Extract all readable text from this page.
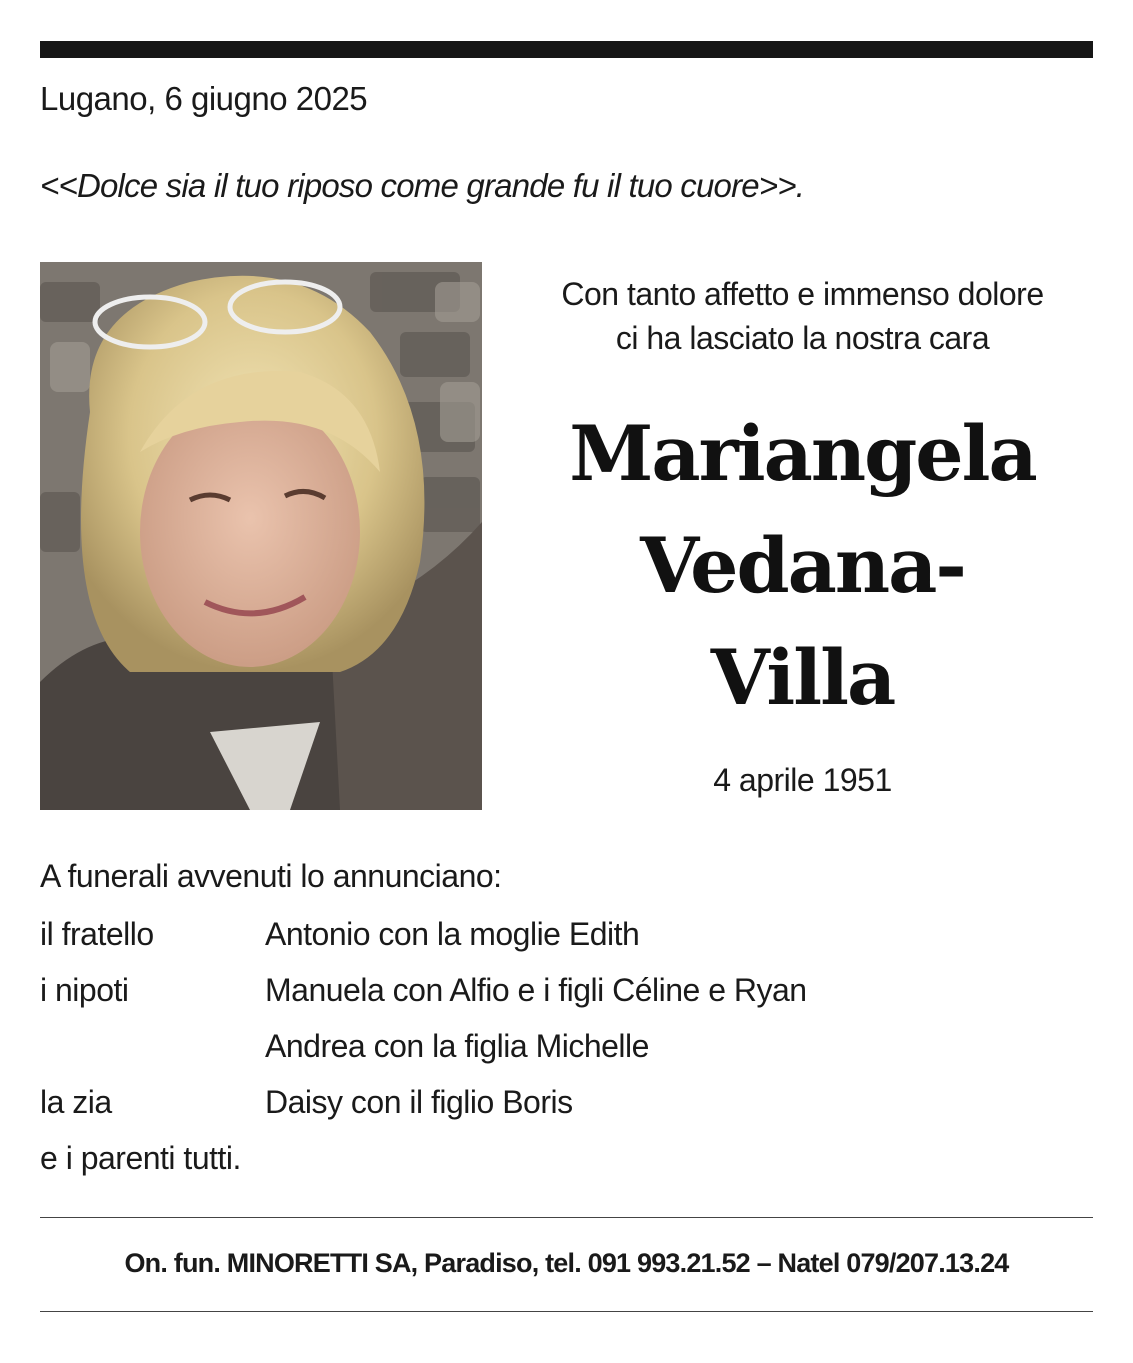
Lugano, 6 giugno 2025
<<Dolce sia il tuo riposo come grande fu il tuo cuore>>.
Con tanto affetto e immenso dolore
ci ha lasciato la nostra cara
Mariangela
Vedana-
Villa
4 aprile 1951
A funerali avvenuti lo annunciano:
il fratello	Antonio con la moglie Edith
i nipoti	Manuela con Alfio e i figli Céline e Ryan
Andrea con la figlia Michelle
la zia	Daisy con il figlio Boris
e i parenti tutti.
On. fun. MINORETTI SA, Paradiso, tel. 091 993.21.52 – Natel 079/207.13.24
